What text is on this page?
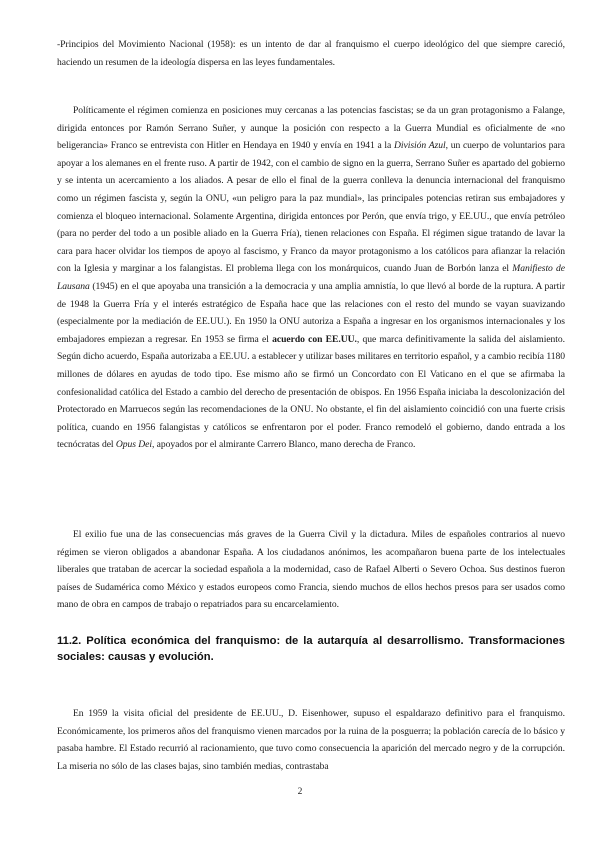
-Principios del Movimiento Nacional (1958): es un intento de dar al franquismo el cuerpo ideológico del que siempre careció, haciendo un resumen de la ideología dispersa en las leyes fundamentales.

Políticamente el régimen comienza en posiciones muy cercanas a las potencias fascistas; se da un gran protagonismo a Falange, dirigida entonces por Ramón Serrano Suñer, y aunque la posición con respecto a la Guerra Mundial es oficialmente de «no beligerancia» Franco se entrevista con Hitler en Hendaya en 1940 y envía en 1941 a la División Azul, un cuerpo de voluntarios para apoyar a los alemanes en el frente ruso. A partir de 1942, con el cambio de signo en la guerra, Serrano Suñer es apartado del gobierno y se intenta un acercamiento a los aliados. A pesar de ello el final de la guerra conlleva la denuncia internacional del franquismo como un régimen fascista y, según la ONU, «un peligro para la paz mundial», las principales potencias retiran sus embajadores y comienza el bloqueo internacional. Solamente Argentina, dirigida entonces por Perón, que envía trigo, y EE.UU., que envía petróleo (para no perder del todo a un posible aliado en la Guerra Fría), tienen relaciones con España. El régimen sigue tratando de lavar la cara para hacer olvidar los tiempos de apoyo al fascismo, y Franco da mayor protagonismo a los católicos para afianzar la relación con la Iglesia y marginar a los falangistas. El problema llega con los monárquicos, cuando Juan de Borbón lanza el Manifiesto de Lausana (1945) en el que apoyaba una transición a la democracia y una amplia amnistía, lo que llevó al borde de la ruptura. A partir de 1948 la Guerra Fría y el interés estratégico de España hace que las relaciones con el resto del mundo se vayan suavizando (especialmente por la mediación de EE.UU.). En 1950 la ONU autoriza a España a ingresar en los organismos internacionales y los embajadores empiezan a regresar. En 1953 se firma el acuerdo con EE.UU., que marca definitivamente la salida del aislamiento. Según dicho acuerdo, España autorizaba a EE.UU. a establecer y utilizar bases militares en territorio español, y a cambio recibía 1180 millones de dólares en ayudas de todo tipo. Ese mismo año se firmó un Concordato con El Vaticano en el que se afirmaba la confesionalidad católica del Estado a cambio del derecho de presentación de obispos. En 1956 España iniciaba la descolonización del Protectorado en Marruecos según las recomendaciones de la ONU. No obstante, el fin del aislamiento coincidió con una fuerte crisis política, cuando en 1956 falangistas y católicos se enfrentaron por el poder. Franco remodeló el gobierno, dando entrada a los tecnócratas del Opus Dei, apoyados por el almirante Carrero Blanco, mano derecha de Franco.

El exilio fue una de las consecuencias más graves de la Guerra Civil y la dictadura. Miles de españoles contrarios al nuevo régimen se vieron obligados a abandonar España. A los ciudadanos anónimos, les acompañaron buena parte de los intelectuales liberales que trataban de acercar la sociedad española a la modernidad, caso de Rafael Alberti o Severo Ochoa. Sus destinos fueron países de Sudamérica como México y estados europeos como Francia, siendo muchos de ellos hechos presos para ser usados como mano de obra en campos de trabajo o repatriados para su encarcelamiento.

11.2. Política económica del franquismo: de la autarquía al desarrollismo. Transformaciones sociales: causas y evolución.

En 1959 la visita oficial del presidente de EE.UU., D. Eisenhower, supuso el espaldarazo definitivo para el franquismo. Económicamente, los primeros años del franquismo vienen marcados por la ruina de la posguerra; la población carecía de lo básico y pasaba hambre. El Estado recurrió al racionamiento, que tuvo como consecuencia la aparición del mercado negro y de la corrupción. La miseria no sólo de las clases bajas, sino también medias, contrastaba

2
